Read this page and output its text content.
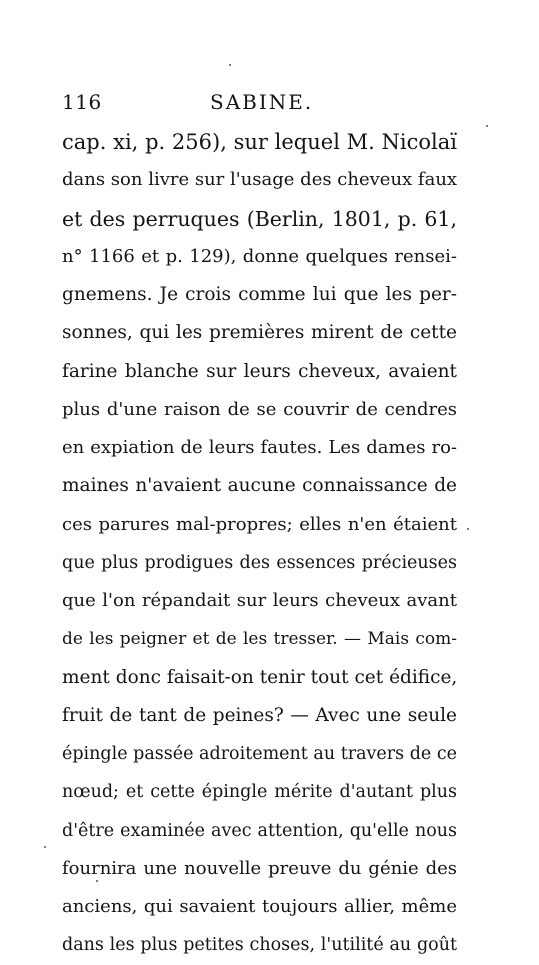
116	SABINE.
cap. xi, p. 256), sur lequel M. Nicolaï
dans son livre sur l'usage des cheveux faux
et des perruques (Berlin, 1801, p. 61,
n° 1166 et p. 129), donne quelques rensei-
gnemens. Je crois comme lui que les per-
sonnes, qui les premières mirent de cette
farine blanche sur leurs cheveux, avaient
plus d'une raison de se couvrir de cendres
en expiation de leurs fautes. Les dames ro-
maines n'avaient aucune connaissance de
ces parures mal-propres; elles n'en étaient
que plus prodigues des essences précieuses
que l'on répandait sur leurs cheveux avant
de les peigner et de les tresser. — Mais com-
ment donc faisait-on tenir tout cet édifice,
fruit de tant de peines? — Avec une seule
épingle passée adroitement au travers de ce
nœud; et cette épingle mérite d'autant plus
d'être examinée avec attention, qu'elle nous
fournira une nouvelle preuve du génie des
anciens, qui savaient toujours allier, même
dans les plus petites choses, l'utilité au goût
